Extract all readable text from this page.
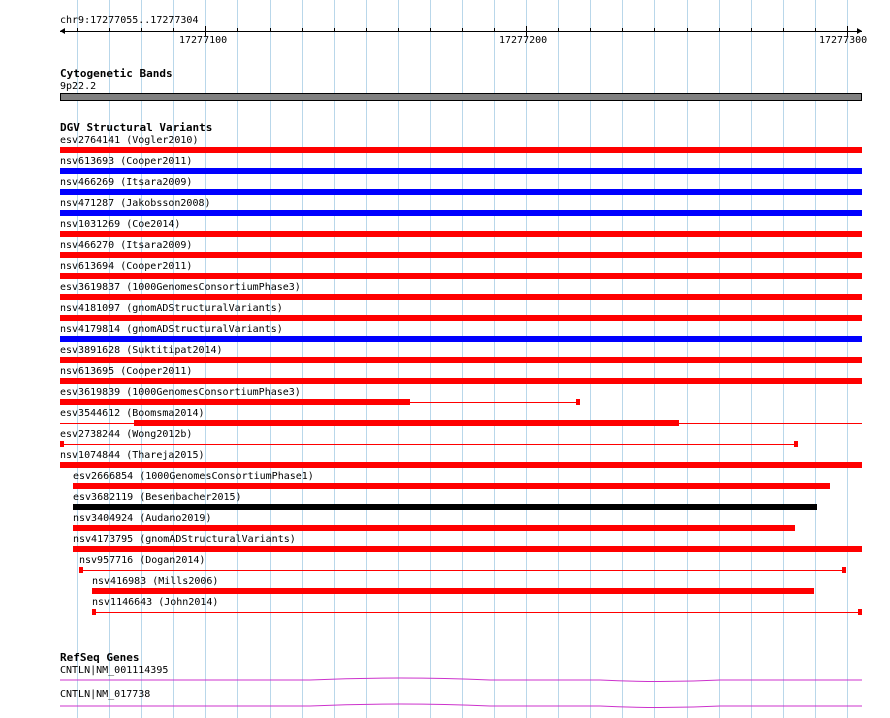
chr9:17277055..17277304
17277100	17277200	17277300
Cytogenetic Bands
9p22.2
DGV Structural Variants
esv2764141 (Vogler2010)
nsv613693 (Cooper2011)
nsv466269 (Itsara2009)
nsv471287 (Jakobsson2008)
nsv1031269 (Coe2014)
nsv466270 (Itsara2009)
nsv613694 (Cooper2011)
esv3619837 (1000GenomesConsortiumPhase3)
nsv4181097 (gnomADStructuralVariants)
nsv4179814 (gnomADStructuralVariants)
esv3891628 (Suktitipat2014)
nsv613695 (Cooper2011)
esv3619839 (1000GenomesConsortiumPhase3)
esv3544612 (Boomsma2014)
esv2738244 (Wong2012b)
nsv1074844 (Thareja2015)
esv2666854 (1000GenomesConsortiumPhase1)
esv3682119 (Besenbacher2015)
nsv3404924 (Audano2019)
nsv4173795 (gnomADStructuralVariants)
nsv957716 (Dogan2014)
nsv416983 (Mills2006)
nsv1146643 (John2014)
RefSeq Genes
CNTLN|NM_001114395
CNTLN|NM_017738
